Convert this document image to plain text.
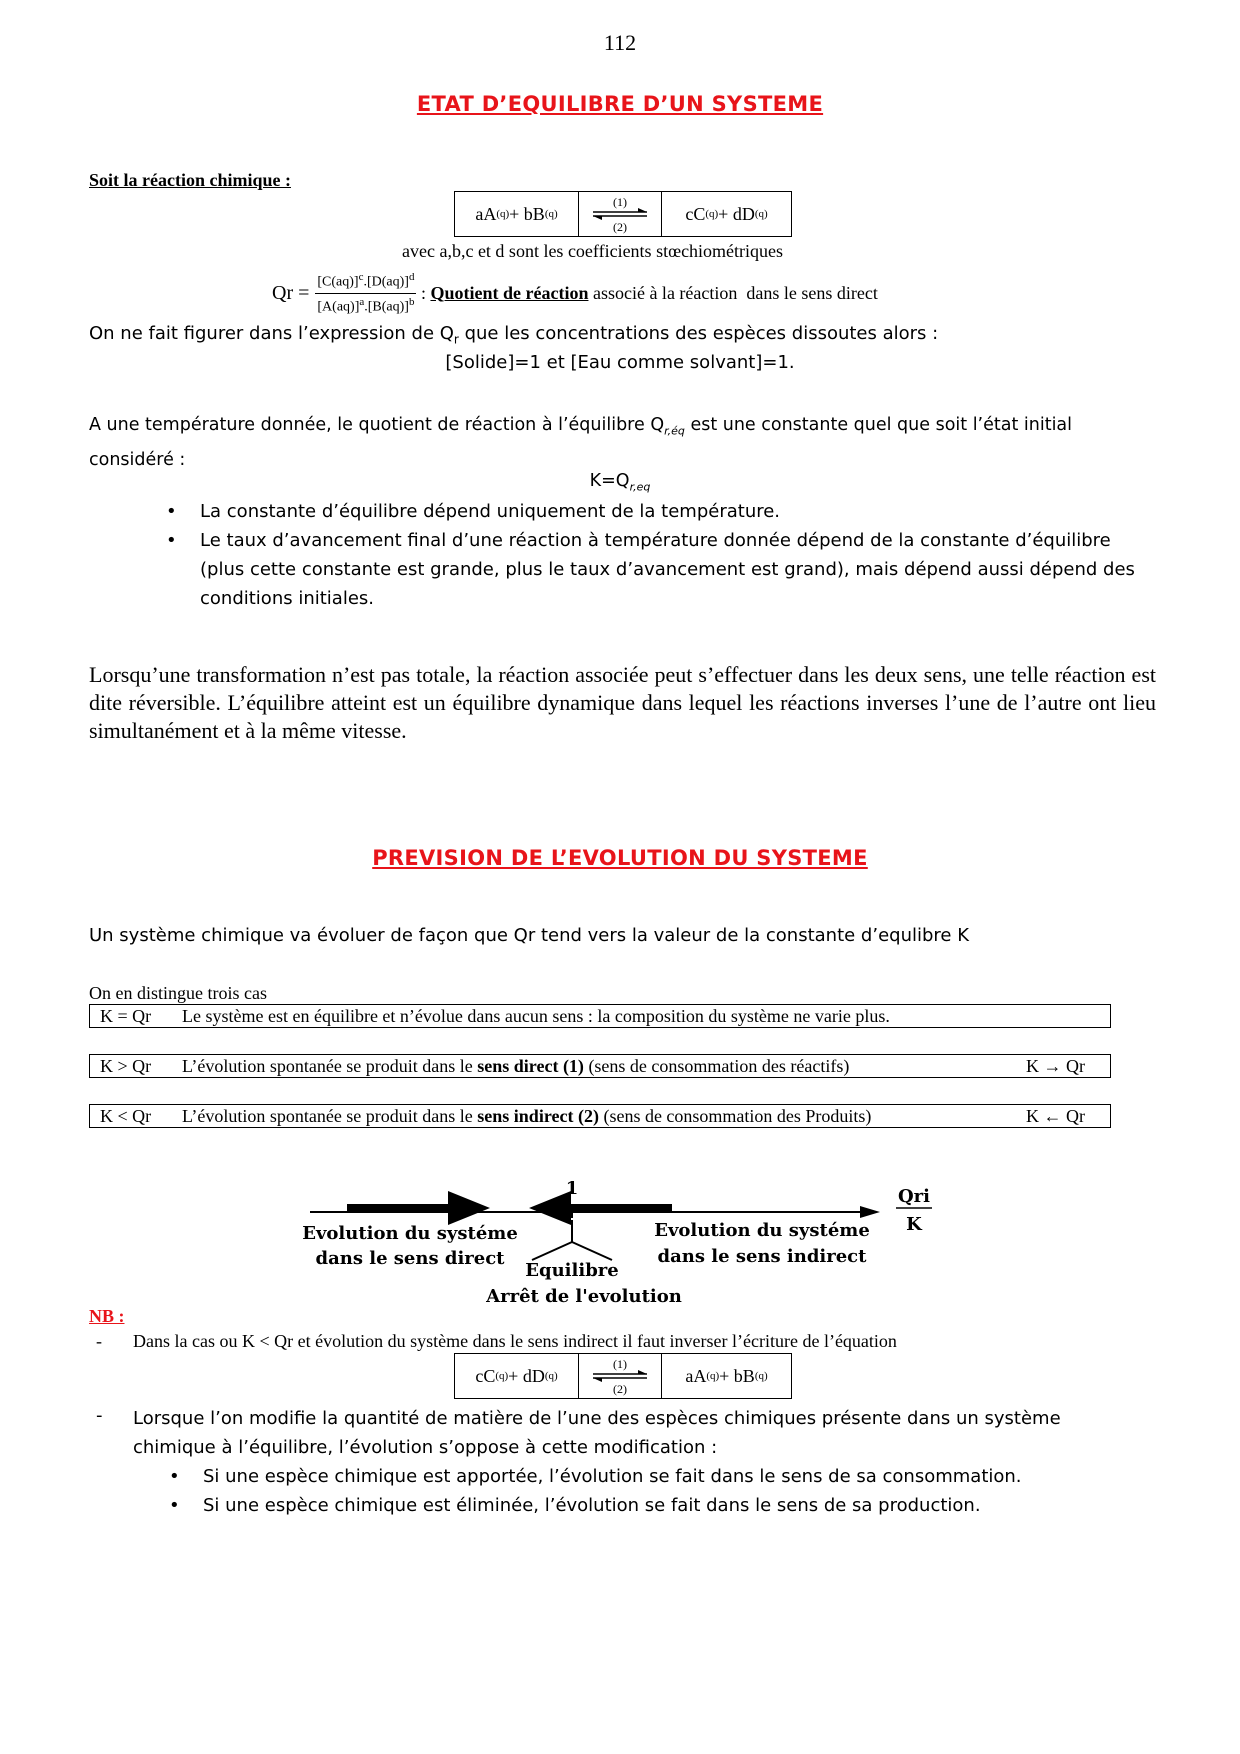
112
ETAT D’EQUILIBRE D’UN SYSTEME
Soit la réaction chimique :
aA (q) + bB (q)
(1)
(2)
cC (q) + dD (q)
avec a,b,c et d sont les coefficients stœchiométriques
$Qr = \frac{[C(aq)]^c.[D(aq)]^d}{[A(aq)]^a.[B(aq)]^b}$ : Quotient de réaction associé à la réaction  dans le sens direct
On ne fait figurer dans l’expression de $Q_r$ que les concentrations des espèces dissoutes alors :
[Solide]=1 et [Eau comme solvant]=1.
A une température donnée, le quotient de réaction à l’équilibre $Q_{r,éq}$ est une constante quel que soit l’état initial considéré :
$K=Q_{r,eq}$
• La constante d’équilibre dépend uniquement de la température.
• Le taux d’avancement final d’une réaction à température donnée dépend de la constante d’équilibre (plus cette constante est grande, plus le taux d’avancement est grand), mais dépend aussi dépend des conditions initiales.
Lorsqu’une transformation n’est pas totale, la réaction associée peut s’effectuer dans les deux sens, une telle réaction est dite réversible. L’équilibre atteint est un équilibre dynamique dans lequel les réactions inverses l’une de l’autre ont lieu simultanément et à la même vitesse.
PREVISION DE L’EVOLUTION DU SYSTEME
Un système chimique va évoluer de façon que Qr tend vers la valeur de la constante d’equlibre K
On en distingue trois cas
K = Qr	Le système est en équilibre et n’évolue dans aucun sens : la composition du système ne varie plus.
K > Qr	L’évolution spontanée se produit dans le sens direct (1) (sens de consommation des réactifs)	K → Qr
K < Qr	L’évolution spontanée se produit dans le sens indirect (2) (sens de consommation des Produits)	K ← Qr
1	Qri
K
Evolution du systéme
dans le sens direct
Evolution du systéme
dans le sens indirect
Equilibre
Arrêt de l'evolution
NB :
- Dans la cas ou K < Qr et évolution du système dans le sens indirect il faut inverser l’écriture de l’équation
cC (q) + dD (q)
(1)
(2)
aA (q) + bB (q)
- Lorsque l’on modifie la quantité de matière de l’une des espèces chimiques présente dans un système chimique à l’équilibre, l’évolution s’oppose à cette modification :
• Si une espèce chimique est apportée, l’évolution se fait dans le sens de sa consommation.
• Si une espèce chimique est éliminée, l’évolution se fait dans le sens de sa production.
